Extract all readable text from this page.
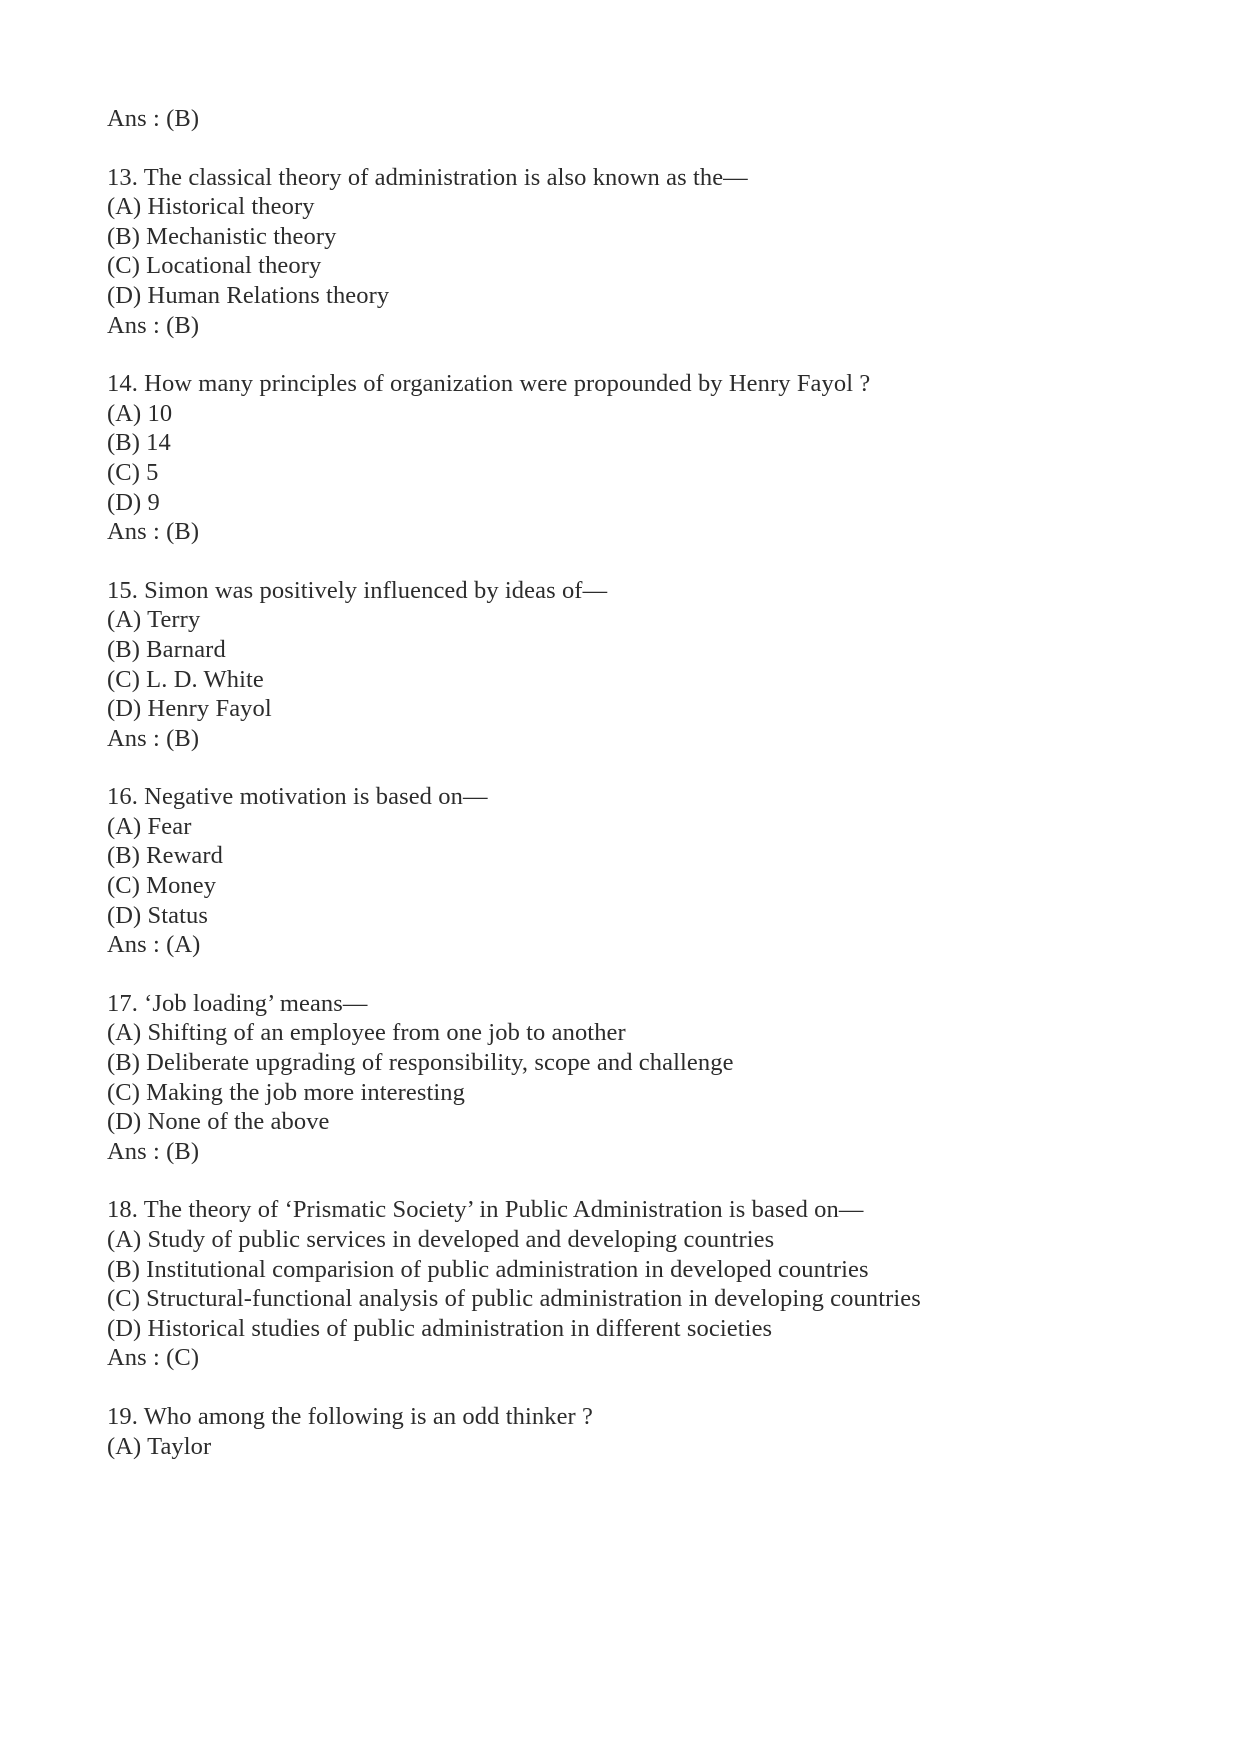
Ans : (B)
13. The classical theory of administration is also known as the—
(A) Historical theory
(B) Mechanistic theory
(C) Locational theory
(D) Human Relations theory
Ans : (B)
14. How many principles of organization were propounded by Henry Fayol ?
(A) 10
(B) 14
(C) 5
(D) 9
Ans : (B)
15. Simon was positively influenced by ideas of—
(A) Terry
(B) Barnard
(C) L. D. White
(D) Henry Fayol
Ans : (B)
16. Negative motivation is based on—
(A) Fear
(B) Reward
(C) Money
(D) Status
Ans : (A)
17. ‘Job loading’ means—
(A) Shifting of an employee from one job to another
(B) Deliberate upgrading of responsibility, scope and challenge
(C) Making the job more interesting
(D) None of the above
Ans : (B)
18. The theory of ‘Prismatic Society’ in Public Administration is based on—
(A) Study of public services in developed and developing countries
(B) Institutional comparision of public administration in developed countries
(C) Structural-functional analysis of public administration in developing countries
(D) Historical studies of public administration in different societies
Ans : (C)
19. Who among the following is an odd thinker ?
(A) Taylor
